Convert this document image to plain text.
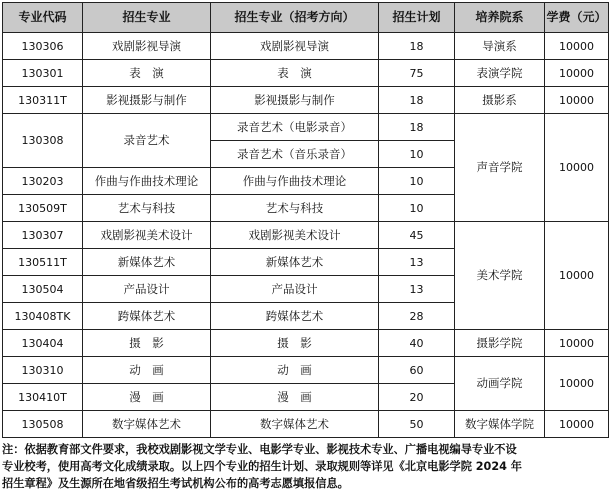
专业代码	招生专业	招生专业（招考方向）	招生计划	培养院系	学费（元）
130306	戏剧影视导演	戏剧影视导演	18	导演系	10000
130301	表　演	表　演	75	表演学院	10000
130311T	影视摄影与制作	影视摄影与制作	18	摄影系	10000
130308	录音艺术	录音艺术（电影录音）	18	声音学院	10000
		录音艺术（音乐录音）	10		
130203	作曲与作曲技术理论	作曲与作曲技术理论	10		
130509T	艺术与科技	艺术与科技	10		
130307	戏剧影视美术设计	戏剧影视美术设计	45	美术学院	10000
130511T	新媒体艺术	新媒体艺术	13		
130504	产品设计	产品设计	13		
130408TK	跨媒体艺术	跨媒体艺术	28		
130404	摄　影	摄　影	40	摄影学院	10000
130310	动　画	动　画	60	动画学院	10000
130410T	漫　画	漫　画	20		
130508	数字媒体艺术	数字媒体艺术	50	数字媒体学院	10000
注：依据教育部文件要求，我校戏剧影视文学专业、电影学专业、影视技术专业、广播电视编导专业不设
专业校考，使用高考文化成绩录取。以上四个专业的招生计划、录取规则等详见《北京电影学院 2024 年
招生章程》及生源所在地省级招生考试机构公布的高考志愿填报信息。
